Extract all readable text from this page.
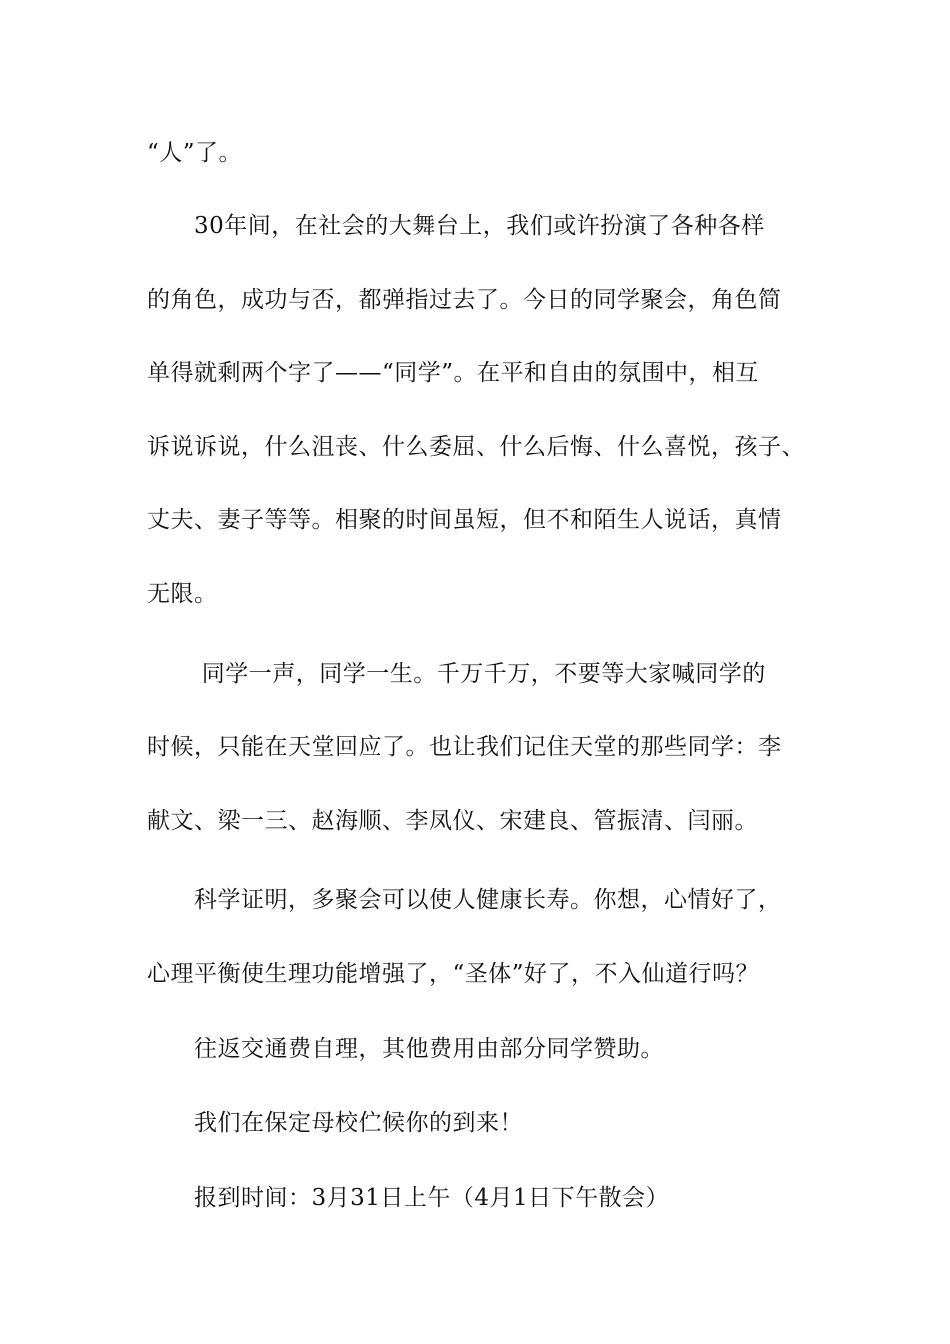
“人”了。
　　30年间，在社会的大舞台上，我们或许扮演了各种各样
的角色，成功与否，都弹指过去了。今日的同学聚会，角色简
单得就剩两个字了——“同学”。在平和自由的氛围中，相互
诉说诉说，什么沮丧、什么委屈、什么后悔、什么喜悦，孩子、
丈夫、妻子等等。相聚的时间虽短，但不和陌生人说话，真情
无限。
　　 同学一声，同学一生。千万千万，不要等大家喊同学的
时候，只能在天堂回应了。也让我们记住天堂的那些同学：李
献文、梁一三、赵海顺、李凤仪、宋建良、管振清、闫丽。
　　科学证明，多聚会可以使人健康长寿。你想，心情好了，
心理平衡使生理功能增强了，“圣体”好了，不入仙道行吗？
　　往返交通费自理，其他费用由部分同学赞助。
　　我们在保定母校伫候你的到来！
　　报到时间：3月31日上午（4月1日下午散会）
